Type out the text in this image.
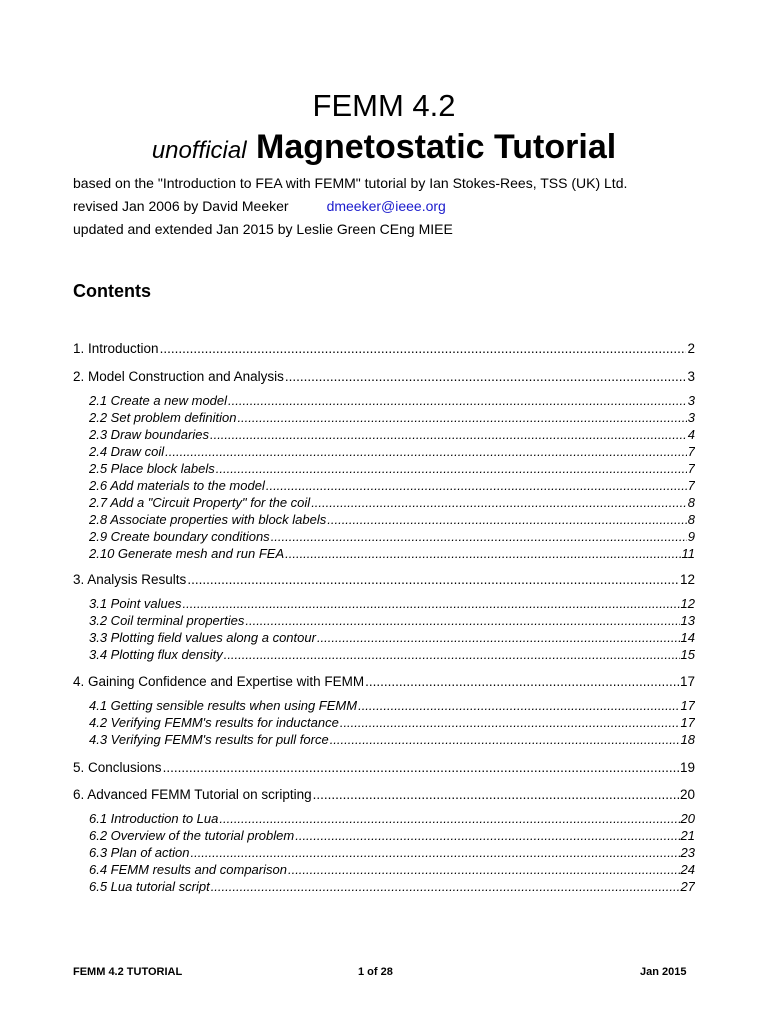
FEMM 4.2
unofficial Magnetostatic Tutorial
based on the "Introduction to FEA with FEMM" tutorial by Ian Stokes-Rees, TSS (UK) Ltd.
revised Jan 2006 by David Meeker	dmeeker@ieee.org
updated and extended Jan 2015 by Leslie Green CEng MIEE
Contents
1. Introduction .....	2
2. Model Construction and Analysis .....	3
2.1 Create a new model .....	3
2.2 Set problem definition .....	3
2.3 Draw boundaries .....	4
2.4 Draw coil .....	7
2.5 Place block labels .....	7
2.6 Add materials to the model .....	7
2.7 Add a "Circuit Property" for the coil .....	8
2.8 Associate properties with block labels .....	8
2.9 Create boundary conditions .....	9
2.10 Generate mesh and run FEA .....	11
3. Analysis Results .....	12
3.1 Point values .....	12
3.2 Coil terminal properties .....	13
3.3 Plotting field values along a contour .....	14
3.4 Plotting flux density .....	15
4. Gaining Confidence and Expertise with FEMM .....	17
4.1 Getting sensible results when using FEMM .....	17
4.2 Verifying FEMM's results for inductance .....	17
4.3 Verifying FEMM's results for pull force .....	18
5. Conclusions .....	19
6. Advanced FEMM Tutorial on scripting .....	20
6.1 Introduction to Lua .....	20
6.2 Overview of the tutorial problem .....	21
6.3 Plan of action .....	23
6.4 FEMM results and comparison .....	24
6.5 Lua tutorial script .....	27
FEMM 4.2 TUTORIAL	1 of 28	Jan 2015
